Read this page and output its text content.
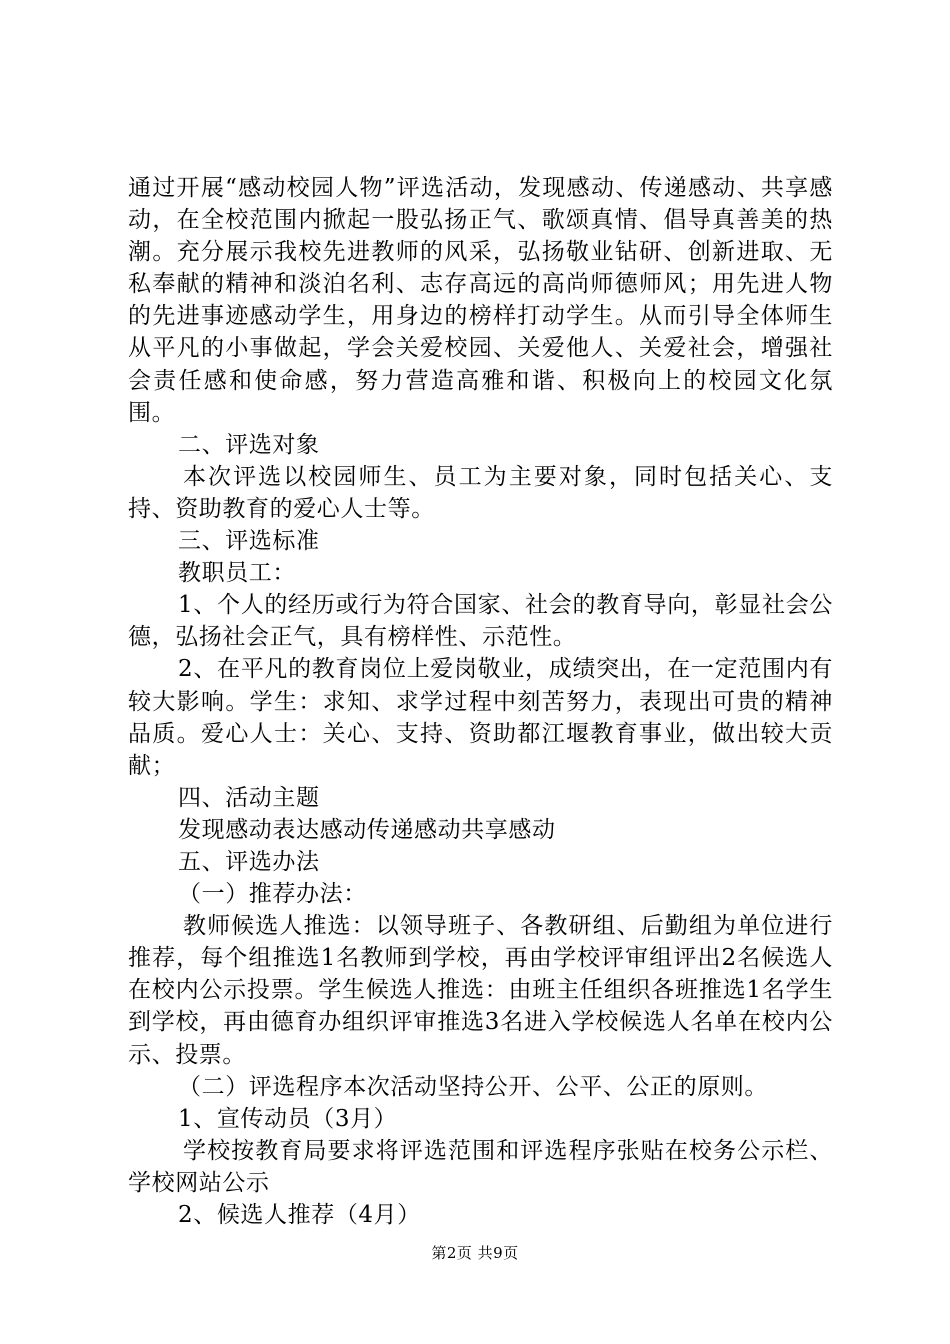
通过开展“感动校园人物”评选活动，发现感动、传递感动、共享感动，在全校范围内掀起一股弘扬正气、歌颂真情、倡导真善美的热潮。充分展示我校先进教师的风采，弘扬敬业钻研、创新进取、无私奉献的精神和淡泊名利、志存高远的高尚师德师风；用先进人物的先进事迹感动学生，用身边的榜样打动学生。从而引导全体师生从平凡的小事做起，学会关爱校园、关爱他人、关爱社会，增强社会责任感和使命感，努力营造高雅和谐、积极向上的校园文化氛围。

二、评选对象

本次评选以校园师生、员工为主要对象，同时包括关心、支持、资助教育的爱心人士等。

三、评选标准

教职员工：

1、个人的经历或行为符合国家、社会的教育导向，彰显社会公德，弘扬社会正气，具有榜样性、示范性。

2、在平凡的教育岗位上爱岗敬业，成绩突出，在一定范围内有较大影响。学生：求知、求学过程中刻苦努力，表现出可贵的精神品质。爱心人士：关心、支持、资助都江堰教育事业，做出较大贡献；

四、活动主题

发现感动表达感动传递感动共享感动

五、评选办法

（一）推荐办法：

教师候选人推选：以领导班子、各教研组、后勤组为单位进行推荐，每个组推选1名教师到学校，再由学校评审组评出2名候选人在校内公示投票。学生候选人推选：由班主任组织各班推选1名学生到学校，再由德育办组织评审推选3名进入学校候选人名单在校内公示、投票。

（二）评选程序本次活动坚持公开、公平、公正的原则。

1、宣传动员（3月）

学校按教育局要求将评选范围和评选程序张贴在校务公示栏、学校网站公示

2、候选人推荐（4月）

第2页 共9页
